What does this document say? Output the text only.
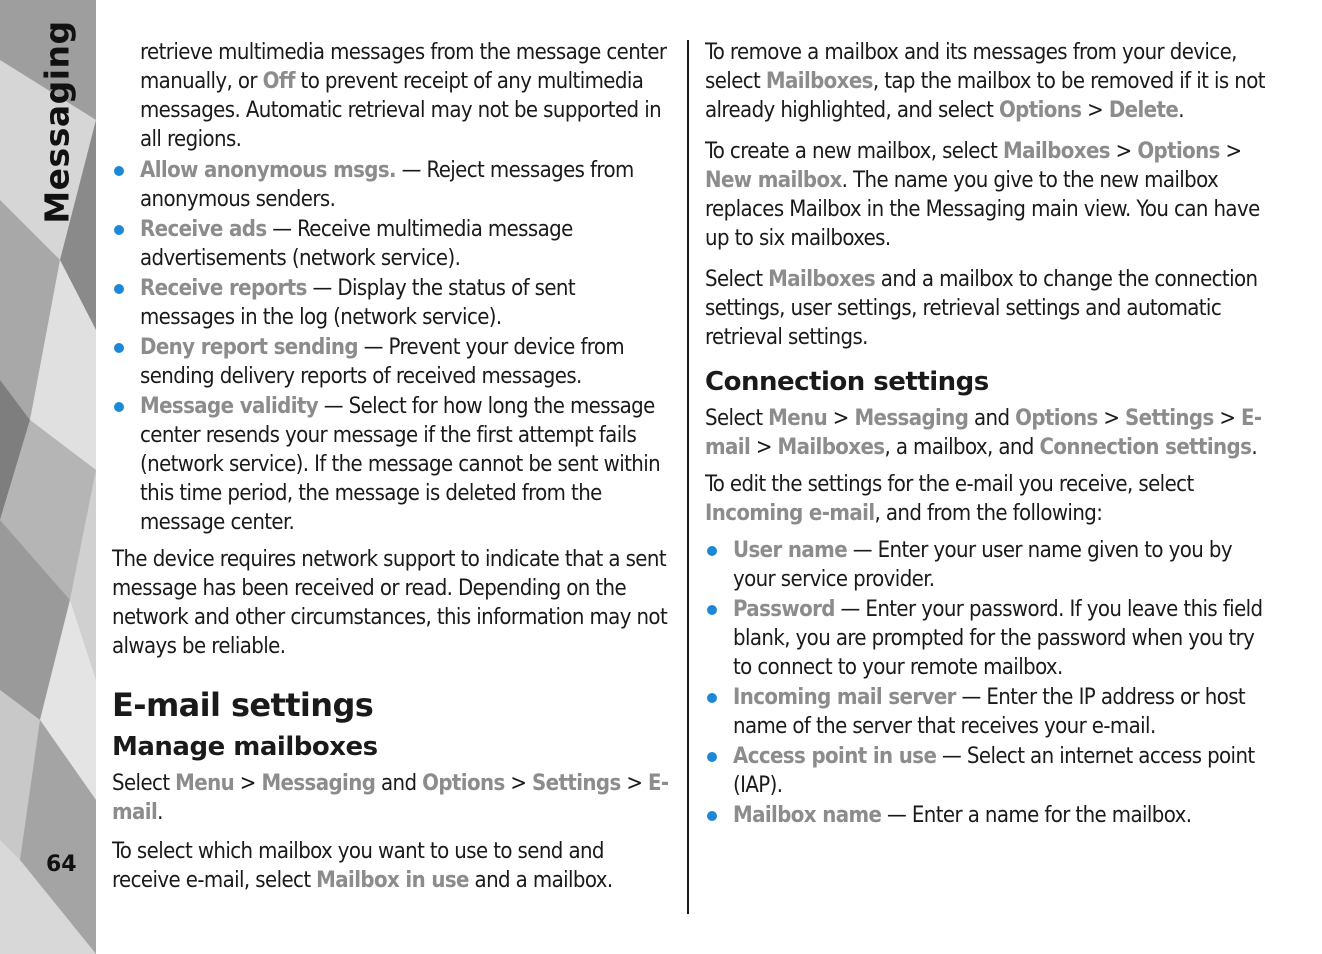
Messaging
64

retrieve multimedia messages from the message center manually, or Off to prevent receipt of any multimedia messages. Automatic retrieval may not be supported in all regions.

Allow anonymous msgs. — Reject messages from anonymous senders.
Receive ads — Receive multimedia message advertisements (network service).
Receive reports — Display the status of sent messages in the log (network service).
Deny report sending — Prevent your device from sending delivery reports of received messages.
Message validity — Select for how long the message center resends your message if the first attempt fails (network service). If the message cannot be sent within this time period, the message is deleted from the message center.

The device requires network support to indicate that a sent message has been received or read. Depending on the network and other circumstances, this information may not always be reliable.

E-mail settings
Manage mailboxes

Select Menu > Messaging and Options > Settings > E-mail.

To select which mailbox you want to use to send and receive e-mail, select Mailbox in use and a mailbox.

To remove a mailbox and its messages from your device, select Mailboxes, tap the mailbox to be removed if it is not already highlighted, and select Options > Delete.

To create a new mailbox, select Mailboxes > Options > New mailbox. The name you give to the new mailbox replaces Mailbox in the Messaging main view. You can have up to six mailboxes.

Select Mailboxes and a mailbox to change the connection settings, user settings, retrieval settings and automatic retrieval settings.

Connection settings

Select Menu > Messaging and Options > Settings > E-mail > Mailboxes, a mailbox, and Connection settings.

To edit the settings for the e-mail you receive, select Incoming e-mail, and from the following:

User name — Enter your user name given to you by your service provider.
Password — Enter your password. If you leave this field blank, you are prompted for the password when you try to connect to your remote mailbox.
Incoming mail server — Enter the IP address or host name of the server that receives your e-mail.
Access point in use — Select an internet access point (IAP).
Mailbox name — Enter a name for the mailbox.
